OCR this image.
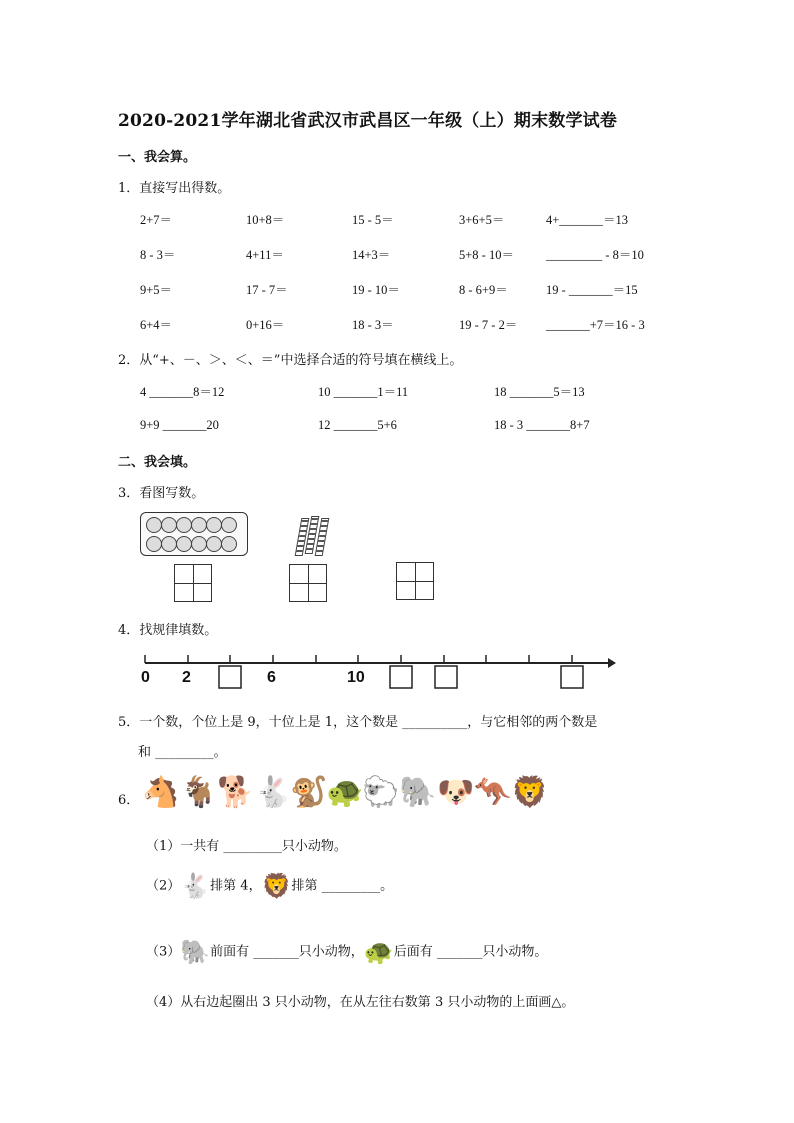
2020-2021学年湖北省武汉市武昌区一年级（上）期末数学试卷
一、我会算。
1．直接写出得数。
2+7＝	10+8＝	15 - 5＝	3+6+5＝	4+_______＝13
8 - 3＝	4+11＝	14+3＝	5+8 - 10＝	_________ - 8＝10
9+5＝	17 - 7＝	19 - 10＝	8 - 6+9＝	19 - _______＝15
6+4＝	0+16＝	18 - 3＝	19 - 7 - 2＝ _______+7＝16 - 3
2．从“+、－、＞、＜、＝”中选择合适的符号填在横线上。
4 _______8＝12	10 _______1＝11	18 _______5＝13
9+9 _______20	12 _______5+6	18 - 3 _______8+7
二、我会填。
3．看图写数。
4．找规律填数。
0 2	6	10
5．一个数，个位上是 9，十位上是 1，这个数是 __________，与它相邻的两个数是
和 _________。
6． 🐴 🐐 🐕 🐇
🐒
🐢
🐑 🐘 🐶 🦘 🦁
（1）一共有 _________只小动物。
（2）🐇排第 4，🦁排第 _________。
（3）🐘前面有 _______只小动物，🐢后面有 _______只小动物。
（4）从右边起圈出 3 只小动物，在从左往右数第 3 只小动物的上面画△。
